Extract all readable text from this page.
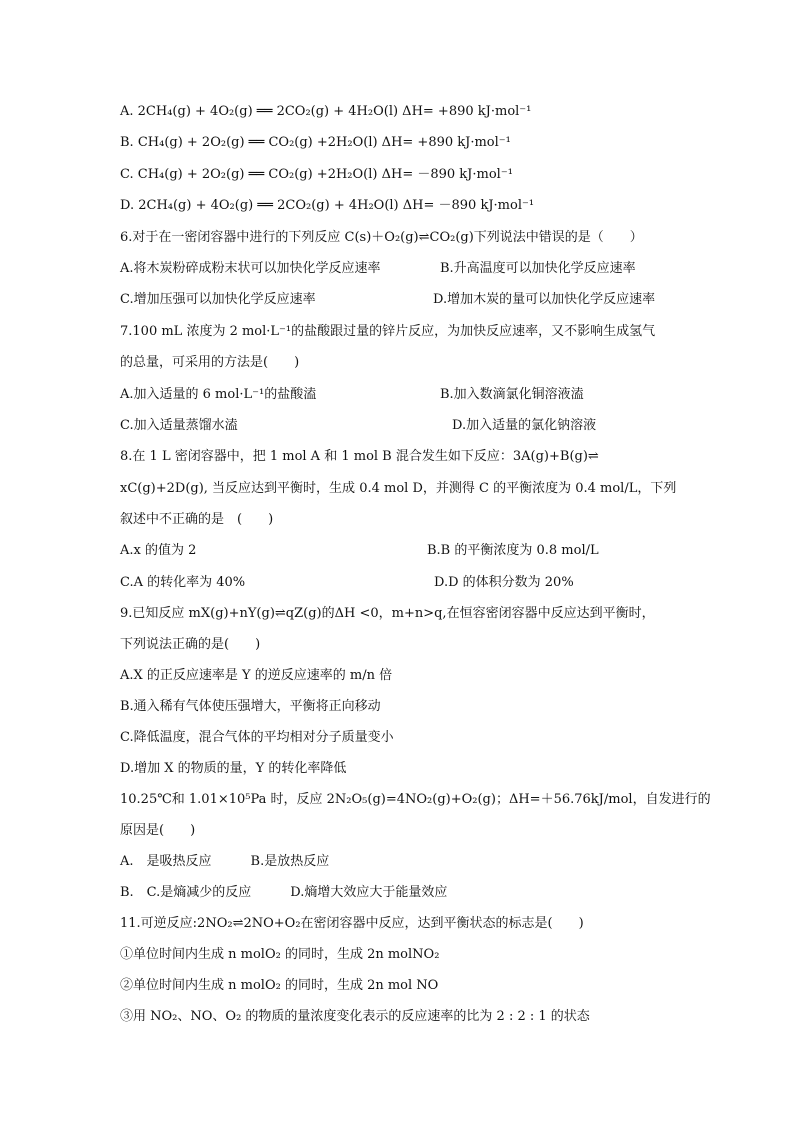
A. 2CH₄(g) + 4O₂(g) ══ 2CO₂(g) + 4H₂O(l) ΔH= +890 kJ·mol⁻¹
B. CH₄(g) + 2O₂(g) ══ CO₂(g) +2H₂O(l) ΔH= +890 kJ·mol⁻¹
C. CH₄(g) + 2O₂(g) ══ CO₂(g) +2H₂O(l) ΔH= －890 kJ·mol⁻¹
D. 2CH₄(g) + 4O₂(g) ══ 2CO₂(g) + 4H₂O(l) ΔH= －890 kJ·mol⁻¹
6.对于在一密闭容器中进行的下列反应 C(s)＋O₂(g)⇌CO₂(g)下列说法中错误的是（　　）
A.将木炭粉碎成粉末状可以加快化学反应速率	B.升高温度可以加快化学反应速率
C.增加压强可以加快化学反应速率	D.增加木炭的量可以加快化学反应速率
7.100 mL 浓度为 2 mol·L⁻¹的盐酸跟过量的锌片反应，为加快反应速率，又不影响生成氢气
的总量，可采用的方法是(　　)
A.加入适量的 6 mol·L⁻¹的盐酸溘	B.加入数滴氯化铜溶液溘
C.加入适量蒸馏水溘	D.加入适量的氯化钠溶液
8.在 1 L 密闭容器中，把 1 mol A 和 1 mol B 混合发生如下反应：3A(g)+B(g)⇌
xC(g)+2D(g), 当反应达到平衡时，生成 0.4 mol D，并测得 C 的平衡浓度为 0.4 mol/L，下列
叙述中不正确的是　(　　)
A.x 的值为 2	B.B 的平衡浓度为 0.8 mol/L
C.A 的转化率为 40%	D.D 的体积分数为 20%
9.已知反应 mX(g)+nY(g)⇌qZ(g)的ΔH <0，m+n>q,在恒容密闭容器中反应达到平衡时，
下列说法正确的是(　　)
A.X 的正反应速率是 Y 的逆反应速率的 m/n 倍
B.通入稀有气体使压强增大，平衡将正向移动
C.降低温度，混合气体的平均相对分子质量变小
D.增加 X 的物质的量，Y 的转化率降低
10.25℃和 1.01×10⁵Pa 时，反应 2N₂O₅(g)=4NO₂(g)+O₂(g)；ΔH=＋56.76kJ/mol，自发进行的
原因是(　　)
A.　是吸热反应　　　B.是放热反应
B.　C.是熵减少的反应　　　D.熵增大效应大于能量效应
11.可逆反应:2NO₂⇌2NO+O₂在密闭容器中反应，达到平衡状态的标志是(　　)
①单位时间内生成 n molO₂ 的同时，生成 2n molNO₂
②单位时间内生成 n molO₂ 的同时，生成 2n mol NO
③用 NO₂、NO、O₂ 的物质的量浓度变化表示的反应速率的比为 2 : 2 : 1 的状态
